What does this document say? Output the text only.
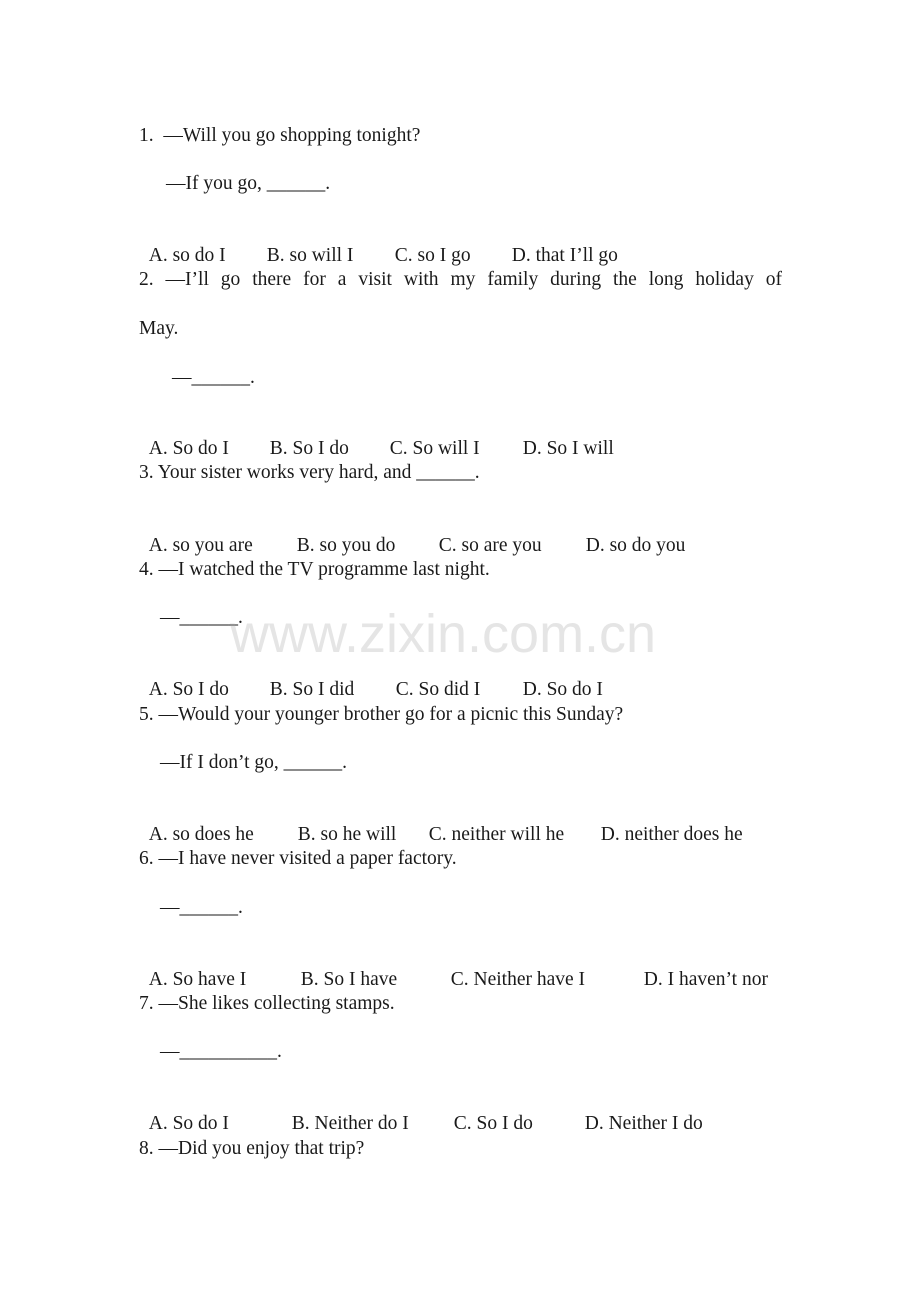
1.  —Will you go shopping tonight?
—If you go, ______.

A. so do I B. so will I C. so I go D. that I’ll go

2. —I’ll go there for a visit with my family during the long holiday of
May.
—______.

A. So do I B. So I do C. So will I D. So I will

3. Your sister works very hard, and ______.

A. so you are B. so you do C. so are you D. so do you

4. —I watched the TV programme last night.
—______.

A. So I do B. So I did C. So did I D. So do I

5. —Would your younger brother go for a picnic this Sunday?
—If I don’t go, ______.

A. so does he B. so he will C. neither will he D. neither does he

6. —I have never visited a paper factory.
—______.

A. So have I	B. So I have	C. Neither have I	D. I haven’t nor

7. —She likes collecting stamps.
—__________.

A. So do I	B. Neither do I C. So I do	D. Neither I do

8. —Did you enjoy that trip?
www.zixin.com.cn
